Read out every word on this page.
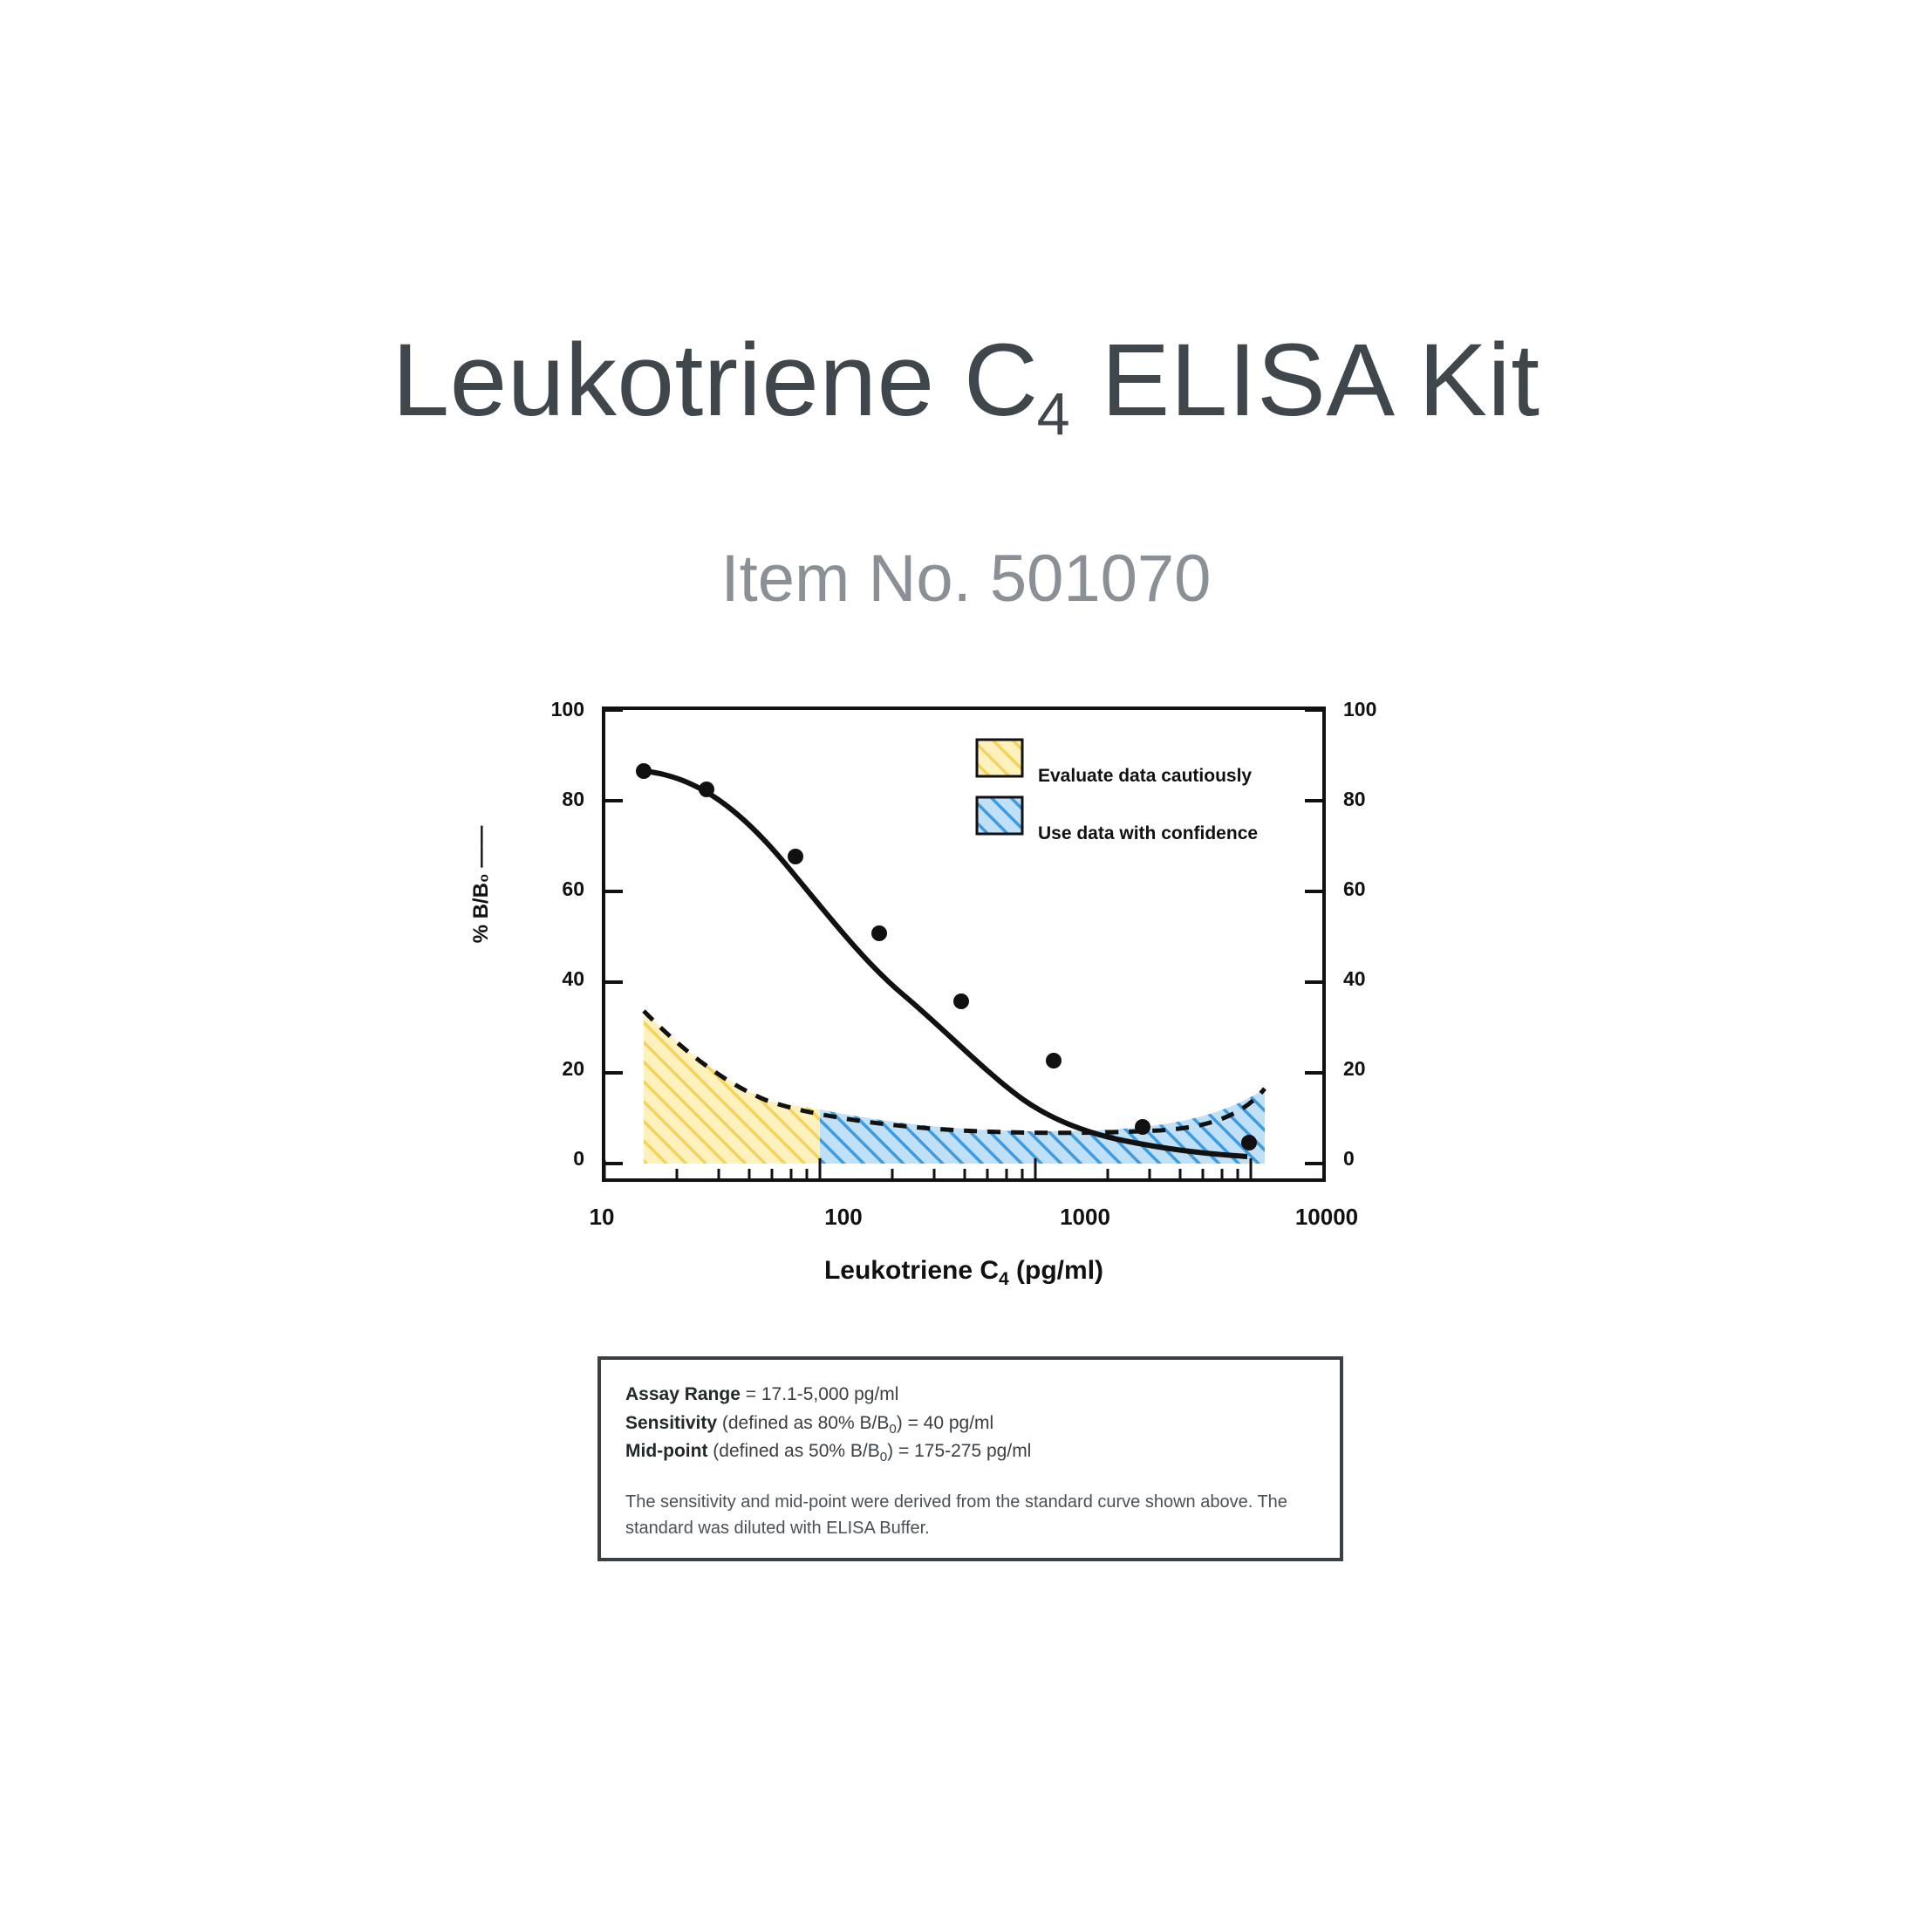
Leukotriene $C_4$ ELISA Kit
Item No. 501070
% B/B₀ ——
100
80
60
40
20
0
100
80
60
40
20
0
10	100	1000	10000
Leukotriene $C_4$ (pg/ml)
Evaluate data cautiously
Use data with confidence
Assay Range = 17.1-5,000 pg/ml
Sensitivity (defined as 80% $B/B_0) = 40$ pg/ml
Mid-point (defined as 50% $B/B_0) = 175-275$ pg/ml
The sensitivity and mid-point were derived from the standard curve shown above. The standard was diluted with ELISA Buffer.
